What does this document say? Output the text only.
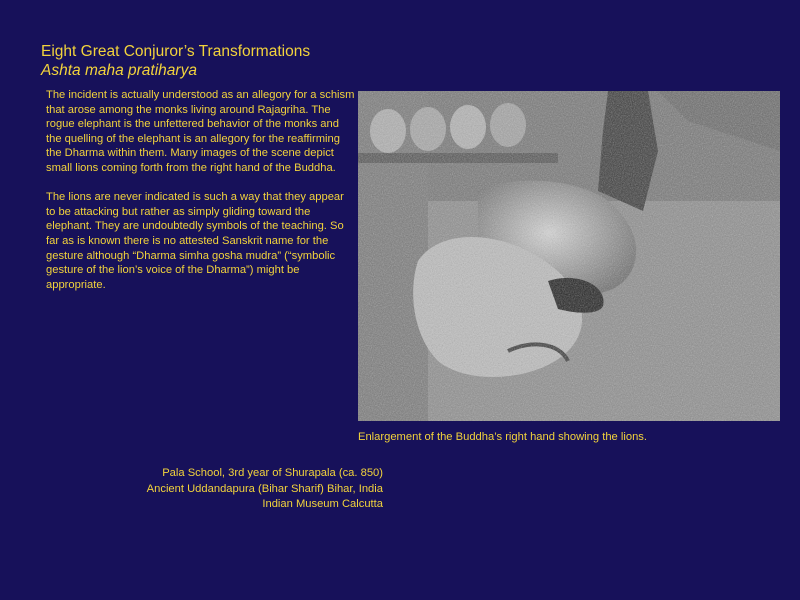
Eight Great Conjuror’s Transformations

Ashta maha pratiharya

The incident is actually understood as an allegory for a schism that arose among the monks living around Rajagriha. The rogue elephant is the unfettered behavior of the monks and the quelling of the elephant is an allegory for the reaffirming the Dharma within them. Many images of the scene depict small lions coming forth from the right hand of the Buddha.

The lions are never indicated is such a way that they appear to be attacking but rather as simply gliding toward the elephant. They are undoubtedly symbols of the teaching. So far as is known there is no attested Sanskrit name for the gesture although “Dharma simha gosha mudra” (“symbolic gesture of the lion’s voice of the Dharma”) might be appropriate.

Enlargement of the Buddha’s right hand showing the lions.
Pala School, 3rd year of Shurapala (ca. 850)
Ancient Uddandapura (Bihar Sharif) Bihar, India
Indian Museum Calcutta
